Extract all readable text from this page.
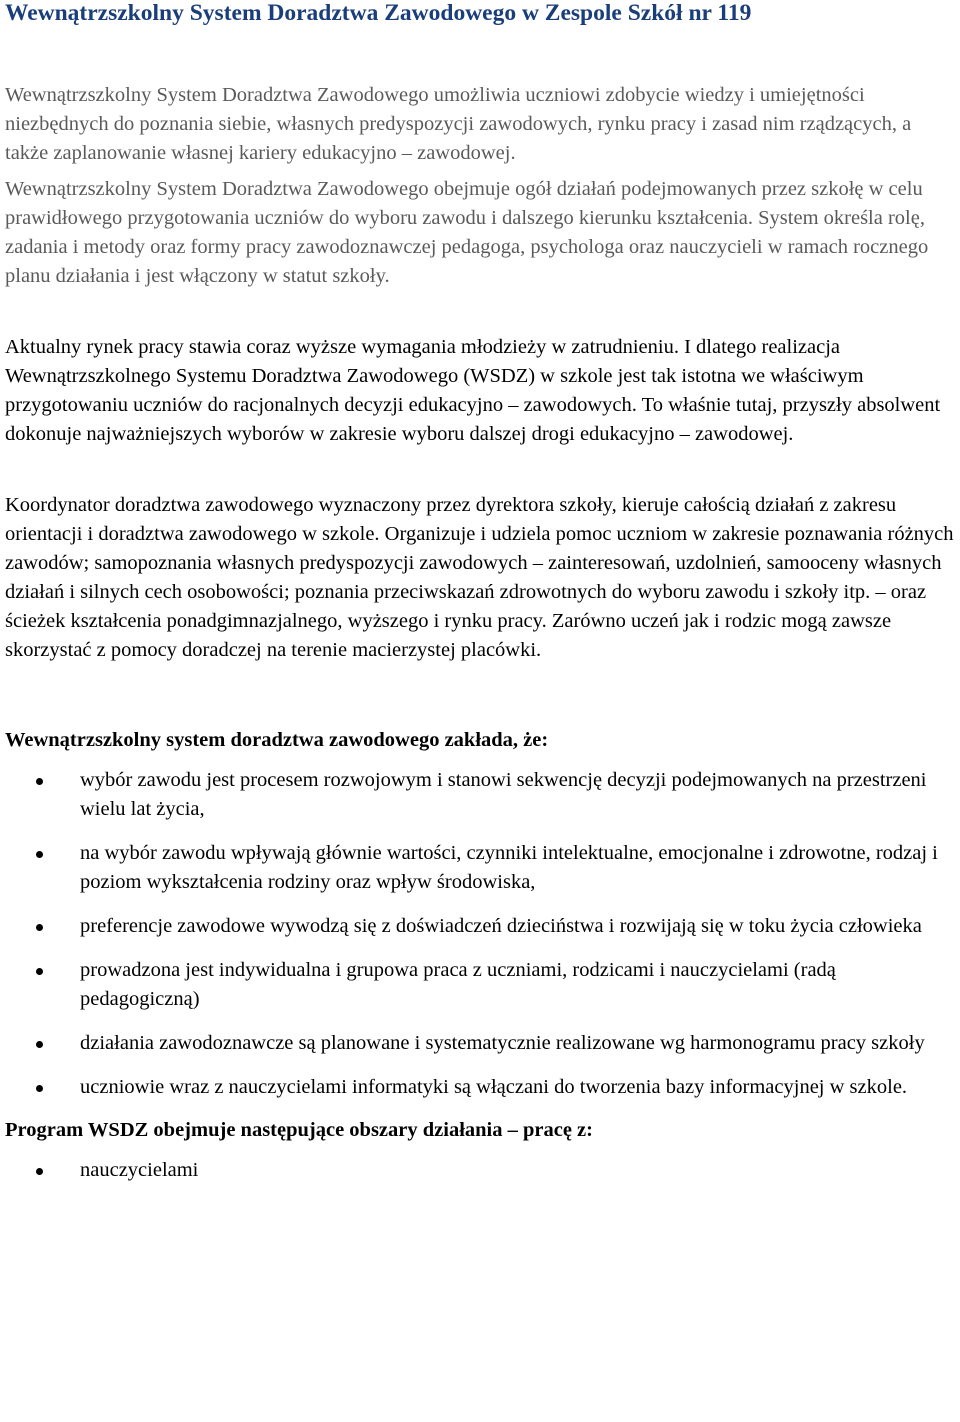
Wewnątrzszkolny System Doradztwa Zawodowego w Zespole Szkół nr 119

Wewnątrzszkolny System Doradztwa Zawodowego umożliwia uczniowi zdobycie wiedzy i umiejętności niezbędnych do poznania siebie, własnych predyspozycji zawodowych, rynku pracy i zasad nim rządzących, a także zaplanowanie własnej kariery edukacyjno – zawodowej.

Wewnątrzszkolny System Doradztwa Zawodowego obejmuje ogół działań podejmowanych przez szkołę w celu prawidłowego przygotowania uczniów do wyboru zawodu i dalszego kierunku kształcenia. System określa rolę, zadania i metody oraz formy pracy zawodoznawczej pedagoga, psychologa oraz nauczycieli w ramach rocznego planu działania i jest włączony w statut szkoły.

Aktualny rynek pracy stawia coraz wyższe wymagania młodzieży w zatrudnieniu. I dlatego realizacja Wewnątrzszkolnego Systemu Doradztwa Zawodowego (WSDZ) w szkole jest tak istotna we właściwym przygotowaniu uczniów do racjonalnych decyzji edukacyjno – zawodowych. To właśnie tutaj, przyszły absolwent dokonuje najważniejszych wyborów w zakresie wyboru dalszej drogi edukacyjno – zawodowej.

Koordynator doradztwa zawodowego wyznaczony przez dyrektora szkoły, kieruje całością działań z zakresu orientacji i doradztwa zawodowego w szkole. Organizuje i udziela pomoc uczniom w zakresie poznawania różnych zawodów; samopoznania własnych predyspozycji zawodowych – zainteresowań, uzdolnień, samooceny własnych działań i silnych cech osobowości; poznania przeciwskazań zdrowotnych do wyboru zawodu i szkoły itp. – oraz ścieżek kształcenia ponadgimnazjalnego, wyższego i rynku pracy. Zarówno uczeń jak i rodzic mogą zawsze skorzystać z pomocy doradczej na terenie macierzystej placówki.

Wewnątrzszkolny system doradztwa zawodowego zakłada, że:

wybór zawodu jest procesem rozwojowym i stanowi sekwencję decyzji podejmowanych na przestrzeni wielu lat życia,
na wybór zawodu wpływają głównie wartości, czynniki intelektualne, emocjonalne i zdrowotne, rodzaj i poziom wykształcenia rodziny oraz wpływ środowiska,
preferencje zawodowe wywodzą się z doświadczeń dzieciństwa i rozwijają się w toku życia człowieka
prowadzona jest indywidualna i grupowa praca z uczniami, rodzicami i nauczycielami (radą pedagogiczną)
działania zawodoznawcze są planowane i systematycznie realizowane wg harmonogramu pracy szkoły
uczniowie wraz z nauczycielami informatyki są włączani do tworzenia bazy informacyjnej w szkole.

Program WSDZ obejmuje następujące obszary działania – pracę z:

nauczycielami
